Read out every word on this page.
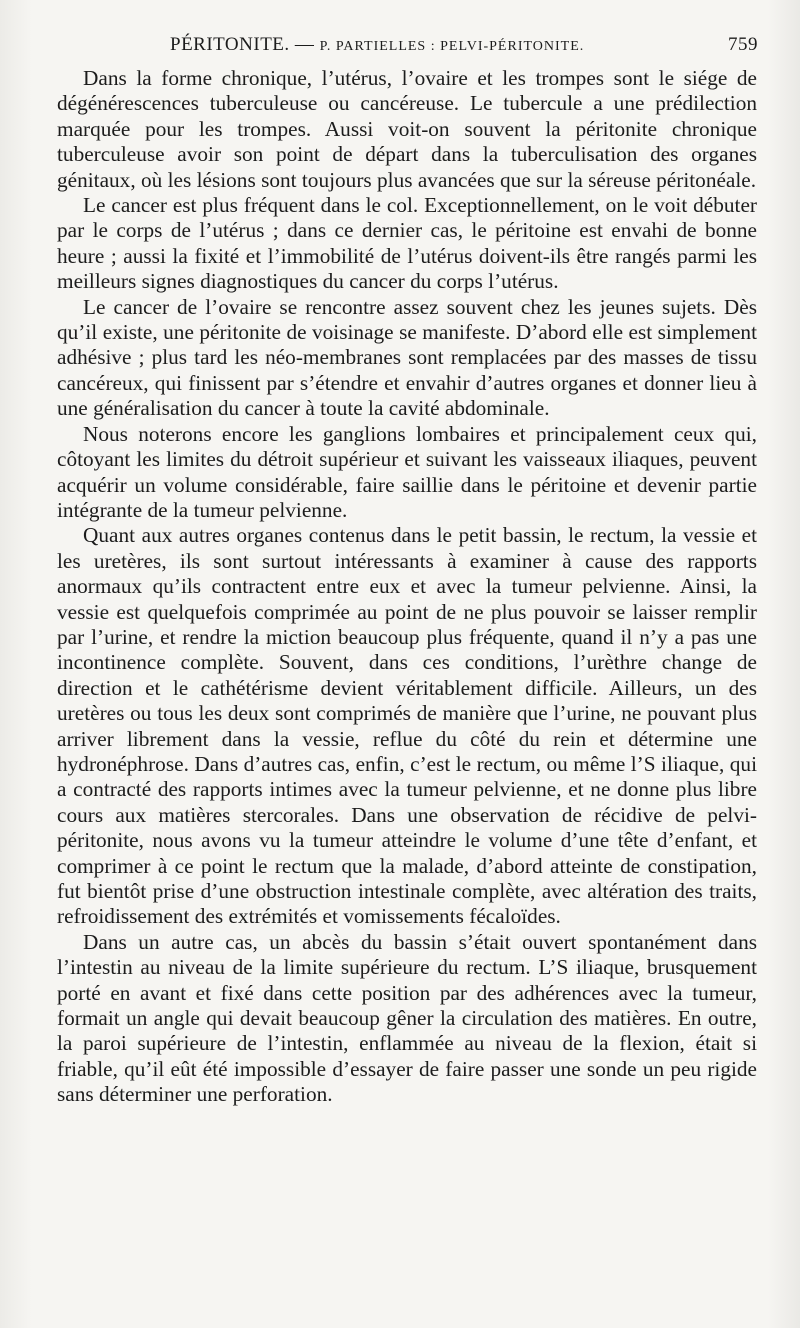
PÉRITONITE. — P. PARTIELLES : PELVI-PÉRITONITE.	759

Dans la forme chronique, l’utérus, l’ovaire et les trompes sont le siége de dégénérescences tuberculeuse ou cancéreuse. Le tubercule a une prédilection marquée pour les trompes. Aussi voit-on souvent la péritonite chronique tuberculeuse avoir son point de départ dans la tuberculisation des organes génitaux, où les lésions sont toujours plus avancées que sur la séreuse péritonéale.

Le cancer est plus fréquent dans le col. Exceptionnellement, on le voit débuter par le corps de l’utérus ; dans ce dernier cas, le péritoine est envahi de bonne heure ; aussi la fixité et l’immobilité de l’utérus doivent-ils être rangés parmi les meilleurs signes diagnostiques du cancer du corps l’utérus.

Le cancer de l’ovaire se rencontre assez souvent chez les jeunes sujets. Dès qu’il existe, une péritonite de voisinage se manifeste. D’abord elle est simplement adhésive ; plus tard les néo-membranes sont remplacées par des masses de tissu cancéreux, qui finissent par s’étendre et envahir d’autres organes et donner lieu à une généralisation du cancer à toute la cavité abdominale.

Nous noterons encore les ganglions lombaires et principalement ceux qui, côtoyant les limites du détroit supérieur et suivant les vaisseaux iliaques, peuvent acquérir un volume considérable, faire saillie dans le péritoine et devenir partie intégrante de la tumeur pelvienne.

Quant aux autres organes contenus dans le petit bassin, le rectum, la vessie et les uretères, ils sont surtout intéressants à examiner à cause des rapports anormaux qu’ils contractent entre eux et avec la tumeur pelvienne. Ainsi, la vessie est quelquefois comprimée au point de ne plus pouvoir se laisser remplir par l’urine, et rendre la miction beaucoup plus fréquente, quand il n’y a pas une incontinence complète. Souvent, dans ces conditions, l’urèthre change de direction et le cathétérisme devient véritablement difficile. Ailleurs, un des uretères ou tous les deux sont comprimés de manière que l’urine, ne pouvant plus arriver librement dans la vessie, reflue du côté du rein et détermine une hydronéphrose. Dans d’autres cas, enfin, c’est le rectum, ou même l’S iliaque, qui a contracté des rapports intimes avec la tumeur pelvienne, et ne donne plus libre cours aux matières stercorales. Dans une observation de récidive de pelvi-péritonite, nous avons vu la tumeur atteindre le volume d’une tête d’enfant, et comprimer à ce point le rectum que la malade, d’abord atteinte de constipation, fut bientôt prise d’une obstruction intestinale complète, avec altération des traits, refroidissement des extrémités et vomissements fécaloïdes.

Dans un autre cas, un abcès du bassin s’était ouvert spontanément dans l’intestin au niveau de la limite supérieure du rectum. L’S iliaque, brusquement porté en avant et fixé dans cette position par des adhérences avec la tumeur, formait un angle qui devait beaucoup gêner la circulation des matières. En outre, la paroi supérieure de l’intestin, enflammée au niveau de la flexion, était si friable, qu’il eût été impossible d’essayer de faire passer une sonde un peu rigide sans déterminer une perforation.
